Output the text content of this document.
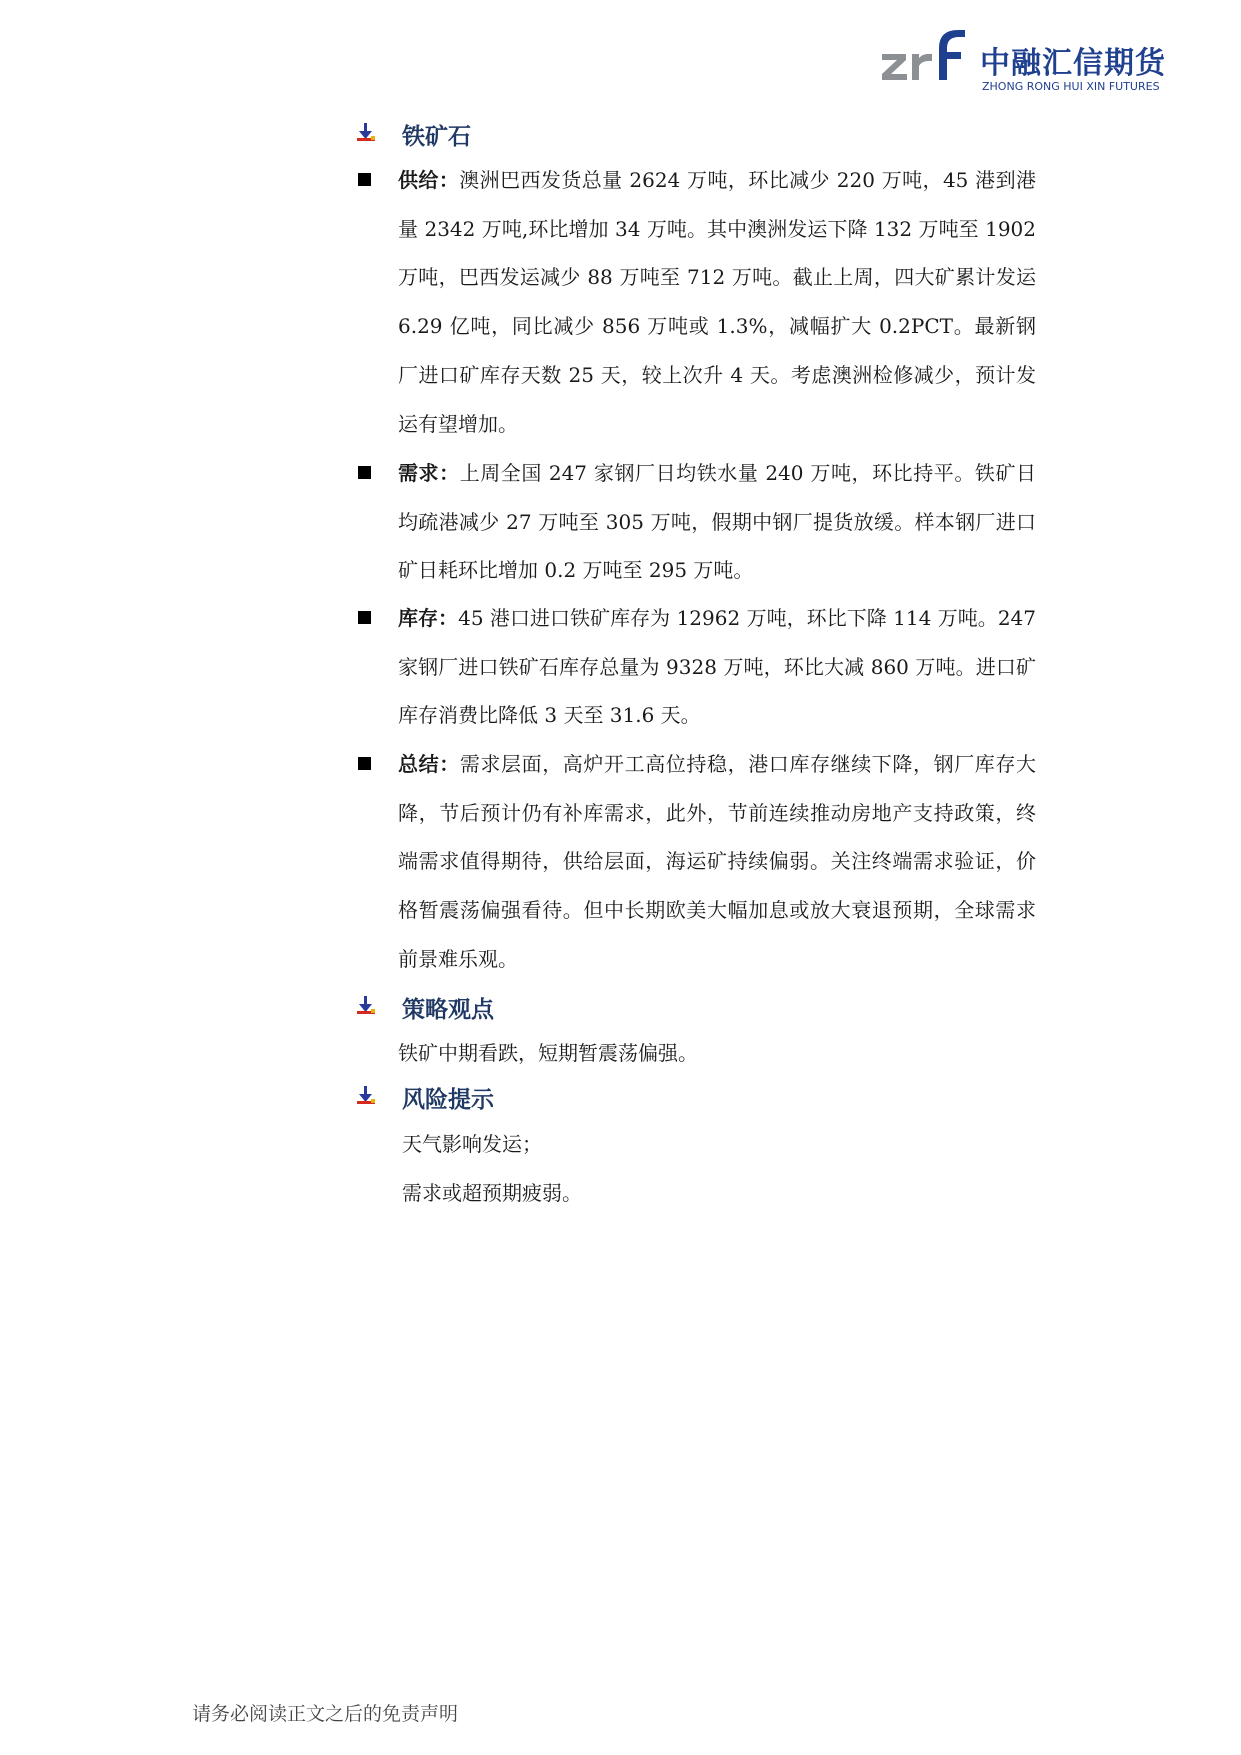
中融汇信期货
ZHONG RONG HUI XIN FUTURES
铁矿石

供给：澳洲巴西发货总量 2624 万吨，环比减少 220 万吨，45 港到港量 2342 万吨,环比增加 34 万吨。其中澳洲发运下降 132 万吨至 1902 万吨，巴西发运减少 88 万吨至 712 万吨。截止上周，四大矿累计发运 6.29 亿吨，同比减少 856 万吨或 1.3%，减幅扩大 0.2PCT。最新钢厂进口矿库存天数 25 天，较上次升 4 天。考虑澳洲检修减少，预计发运有望增加。

需求：上周全国 247 家钢厂日均铁水量 240 万吨，环比持平。铁矿日均疏港减少 27 万吨至 305 万吨，假期中钢厂提货放缓。样本钢厂进口矿日耗环比增加 0.2 万吨至 295 万吨。

库存：45 港口进口铁矿库存为 12962 万吨，环比下降 114 万吨。247 家钢厂进口铁矿石库存总量为 9328 万吨，环比大减 860 万吨。进口矿库存消费比降低 3 天至 31.6 天。

总结：需求层面，高炉开工高位持稳，港口库存继续下降，钢厂库存大降，节后预计仍有补库需求，此外，节前连续推动房地产支持政策，终端需求值得期待，供给层面，海运矿持续偏弱。关注终端需求验证，价格暂震荡偏强看待。但中长期欧美大幅加息或放大衰退预期，全球需求前景难乐观。

策略观点
铁矿中期看跌，短期暂震荡偏强。
风险提示
天气影响发运；
需求或超预期疲弱。
请务必阅读正文之后的免责声明
